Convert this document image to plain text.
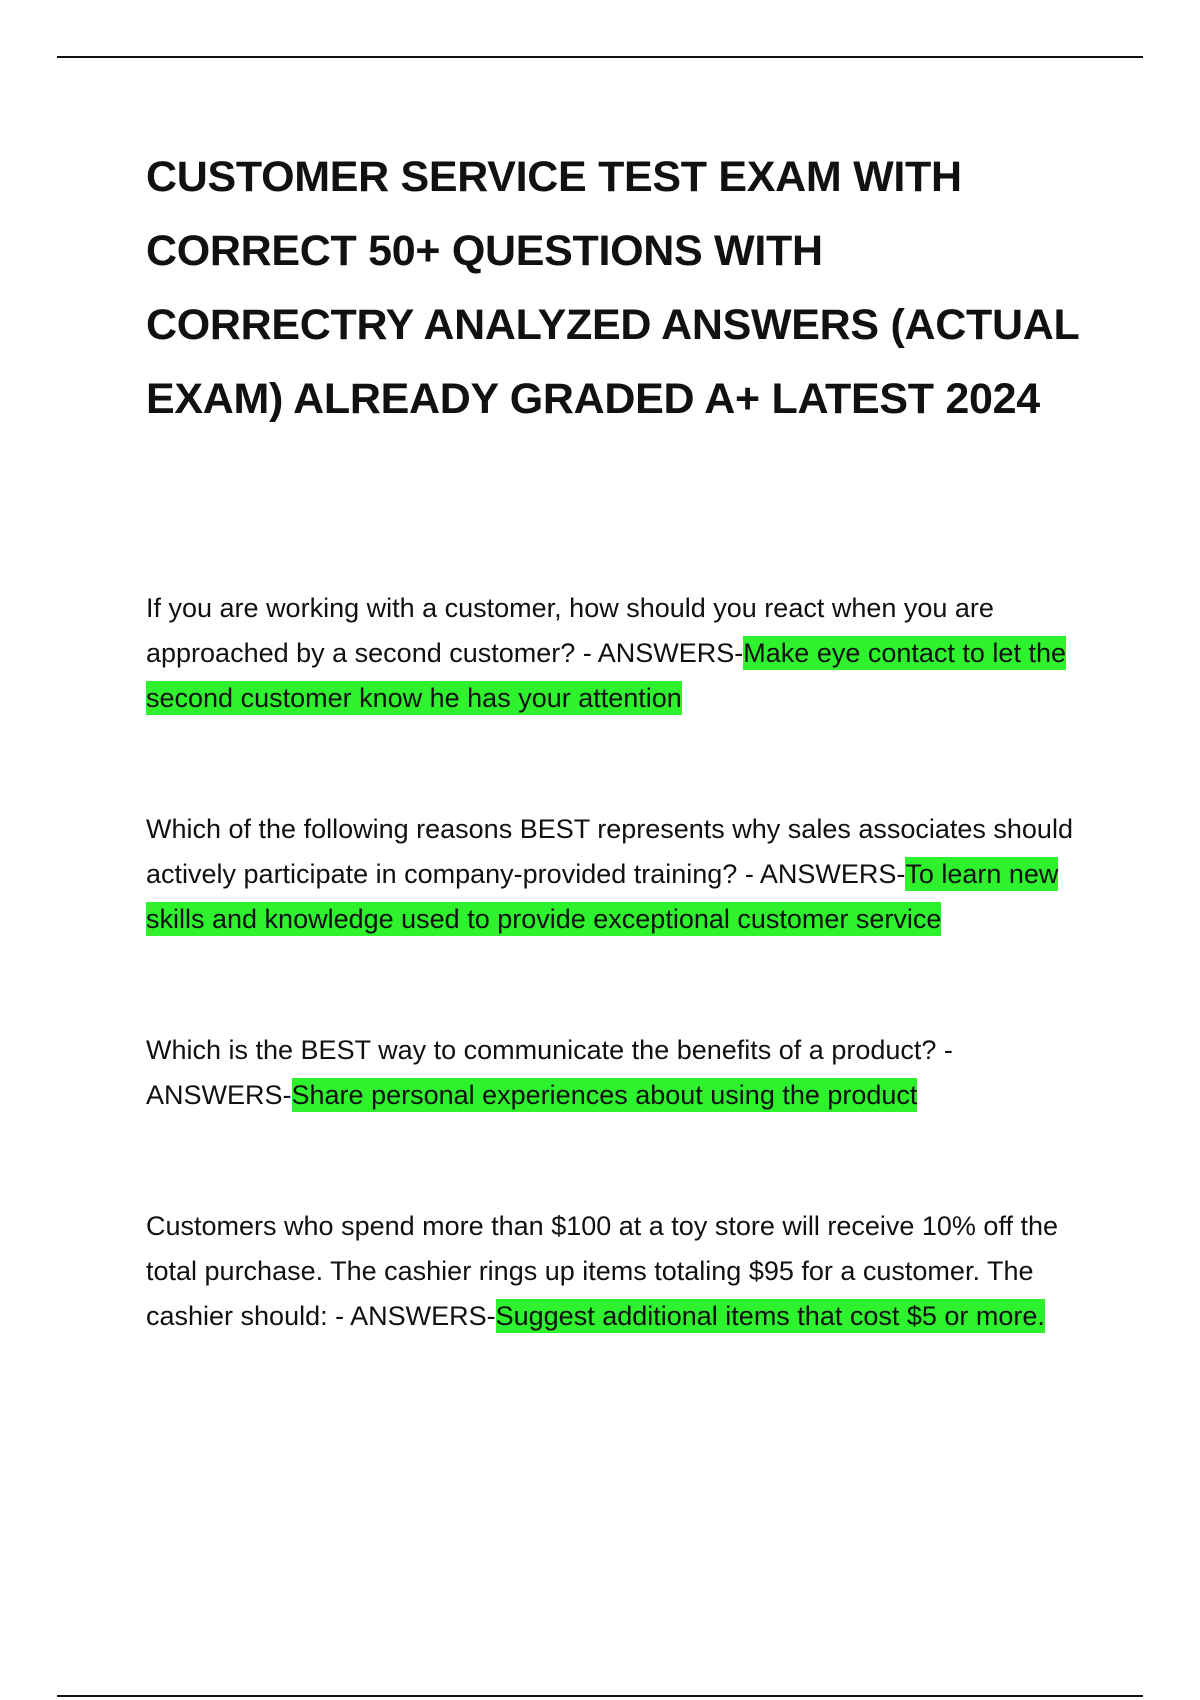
CUSTOMER SERVICE TEST EXAM WITH CORRECT 50+ QUESTIONS WITH CORRECTRY ANALYZED ANSWERS (ACTUAL EXAM) ALREADY GRADED A+ LATEST 2024

If you are working with a customer, how should you react when you are approached by a second customer? - ANSWERS-Make eye contact to let the second customer know he has your attention

Which of the following reasons BEST represents why sales associates should actively participate in company-provided training? - ANSWERS-To learn new skills and knowledge used to provide exceptional customer service

Which is the BEST way to communicate the benefits of a product? - ANSWERS-Share personal experiences about using the product

Customers who spend more than $100 at a toy store will receive 10% off the total purchase. The cashier rings up items totaling $95 for a customer. The cashier should: - ANSWERS-Suggest additional items that cost $5 or more.
